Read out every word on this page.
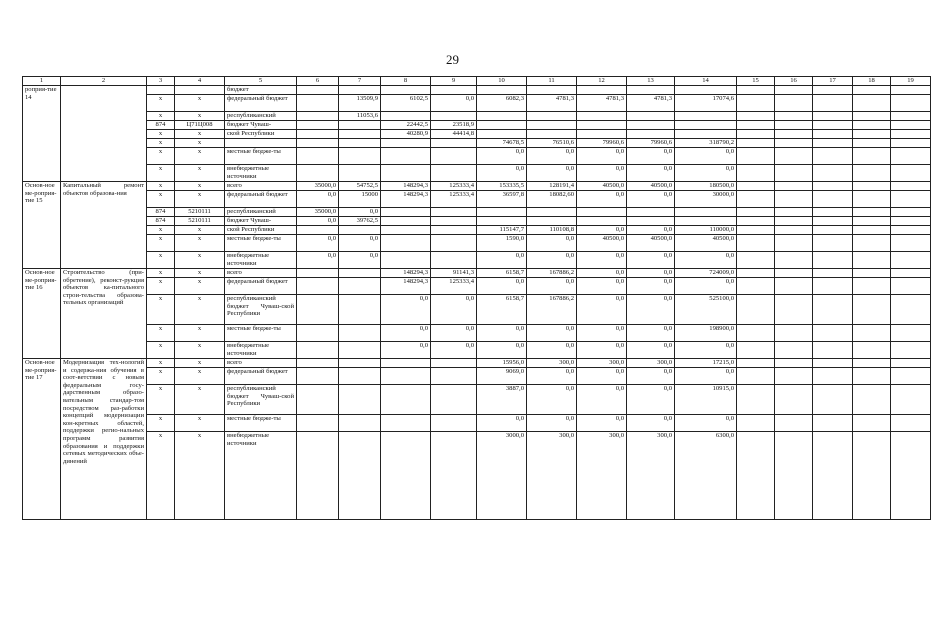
29
1	2	3	4	5	6	7	8	9	10	11	12	13	14	15	16	17	18	19
роприя-тие 14				бюджет														
		x	x	федеральный бюджет		13509,9	6102,5	0,0	6082,3	4781,3	4781,3	4781,3	17074,6					
		x	x	республиканский		11053,6												
		874	Ц71Ц008	бюджет Чуваш-			22442,5	23518,9										
		x	x	ской Республики			40280,9	44414,8										
		x	x						74678,5	76510,6	79960,6	79960,6	318790,2					
		x	x	местные бюдже-ты					0,0	0,0	0,0	0,0	0,0					
		x	x	внебюджетные источники					0,0	0,0	0,0	0,0	0,0					
Основ-ное ме-роприя-тие 15	Капитальный ремонт объектов образова-ния	x	x	всего	35000,0	54752,5	148294,3	125333,4	153335,5	128191,4	40500,0	40500,0	180500,0					
		x	x	федеральный бюджет	0,0	15000	148294,3	125333,4	36597,8	18082,60	0,0	0,0	30000,0					
		874	5210111	республиканский	35000,0	0,0												
		874	5210111	бюджет Чуваш-	0,0	39762,5												
		x	x	ской Республики					115147,7	110108,8	0,0	0,0	110000,0					
		x	x	местные бюдже-ты	0,0	0,0			1590,0	0,0	40500,0	40500,0	40500,0					
		x	x	внебюджетные источники	0,0	0,0			0,0	0,0	0,0	0,0	0,0					
Основ-ное ме-роприя-тие 16	Строительство (при-обретение), реконст-рукция объектов ка-питального строи-тельства образова-тельных организаций	x	x	всего			148294,3	91141,3	6158,7	167886,2	0,0	0,0	724009,0					
		x	x	федеральный бюджет			148294,3	125333,4	0,0	0,0	0,0	0,0	0,0					
		x	x	республиканский бюджет Чуваш-ской Республики			0,0	0,0	6158,7	167886,2	0,0	0,0	525100,0					
		x	x	местные бюдже-ты			0,0	0,0	0,0	0,0	0,0	0,0	198900,0					
		x	x	внебюджетные источники			0,0	0,0	0,0	0,0	0,0	0,0	0,0					
Основ-ное ме-роприя-тие 17	Модернизация тех-нологий и содержа-ния обучения в соот-ветствии с новым федеральным госу-дарственным образо-вательным стандар-том посредством раз-работки концепций модернизации кон-кретных областей, поддержки регио-нальных программ развития образования и поддержки сетевых методических объе-динений	x	x	всего					15956,0	300,0	300,0	300,0	17215,0					
		x	x	федеральный бюджет					9069,0	0,0	0,0	0,0	0,0					
		x	x	республиканский бюджет Чуваш-ской Республики					3887,0	0,0	0,0	0,0	10915,0					
		x	x	местные бюдже-ты					0,0	0,0	0,0	0,0	0,0					
		x	x	внебюджетные источники					3000,0	300,0	300,0	300,0	6300,0					
